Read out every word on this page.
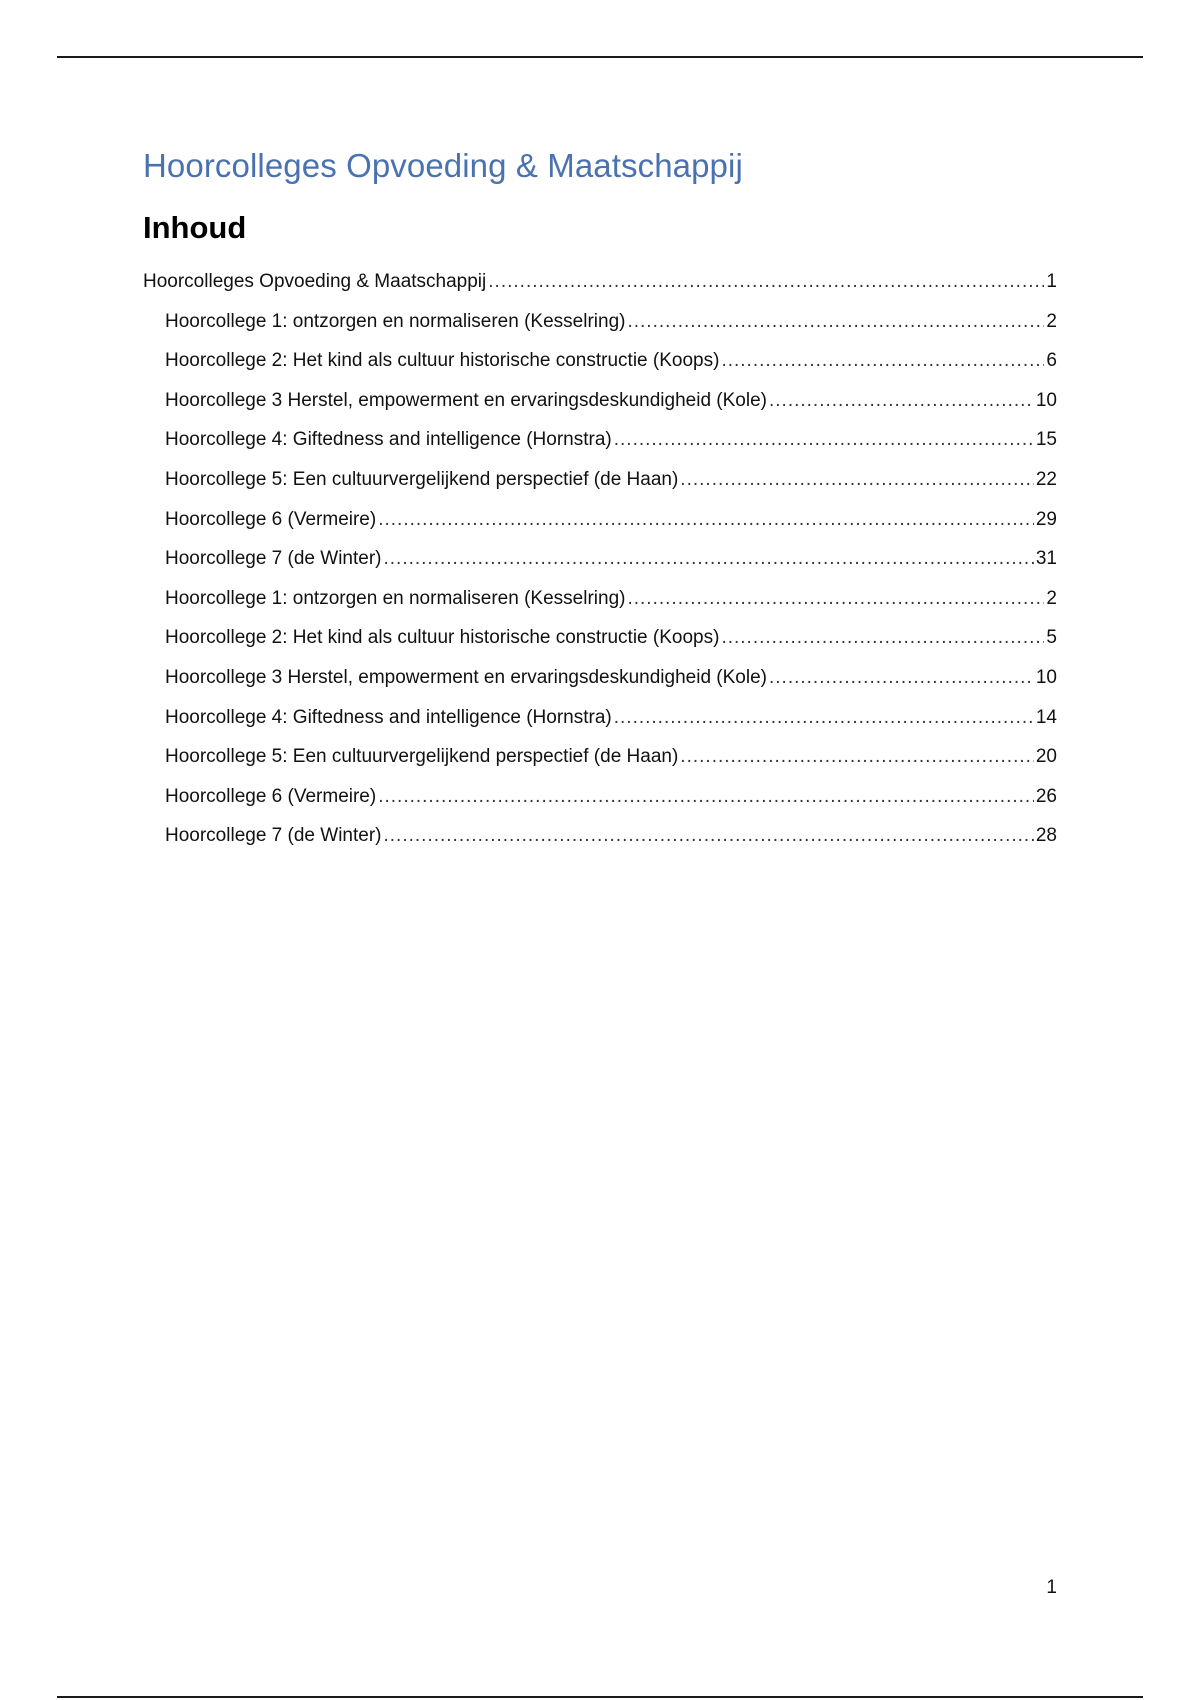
Hoorcolleges Opvoeding & Maatschappij
Inhoud
Hoorcolleges Opvoeding & Maatschappij .....	1
Hoorcollege 1: ontzorgen en normaliseren (Kesselring) .....	2
Hoorcollege 2: Het kind als cultuur historische constructie (Koops) .....	6
Hoorcollege 3 Herstel, empowerment en ervaringsdeskundigheid (Kole) .....	10
Hoorcollege 4: Giftedness and intelligence (Hornstra) .....	15
Hoorcollege 5: Een cultuurvergelijkend perspectief (de Haan) .....	22
Hoorcollege 6 (Vermeire) .....	29
Hoorcollege 7 (de Winter) .....	31
Hoorcollege 1: ontzorgen en normaliseren (Kesselring) .....	2
Hoorcollege 2: Het kind als cultuur historische constructie (Koops) .....	5
Hoorcollege 3 Herstel, empowerment en ervaringsdeskundigheid (Kole) .....	10
Hoorcollege 4: Giftedness and intelligence (Hornstra) .....	14
Hoorcollege 5: Een cultuurvergelijkend perspectief (de Haan) .....	20
Hoorcollege 6 (Vermeire) .....	26
Hoorcollege 7 (de Winter) .....	28
1
